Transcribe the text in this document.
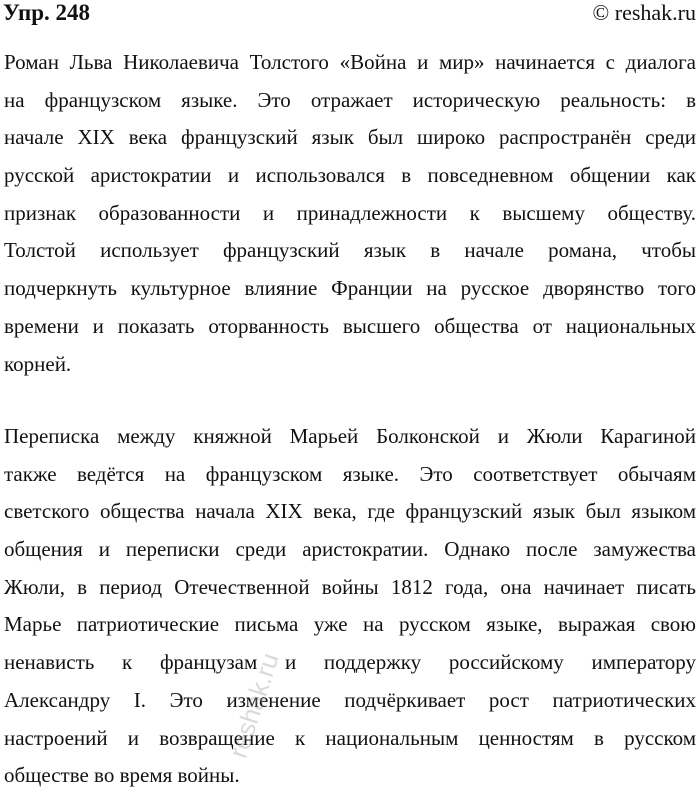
Упр. 248	© reshak.ru
Роман Льва Николаевича Толстого «Война и мир» начинается с диалога
на французском языке. Это отражает историческую реальность: в
начале XIX века французский язык был широко распространён среди
русской аристократии и использовался в повседневном общении как
признак образованности и принадлежности к высшему обществу.
Толстой использует французский язык в начале романа, чтобы
подчеркнуть культурное влияние Франции на русское дворянство того
времени и показать оторванность высшего общества от национальных
корней.
Переписка между княжной Марьей Болконской и Жюли Карагиной
также ведётся на французском языке. Это соответствует обычаям
светского общества начала XIX века, где французский язык был языком
общения и переписки среди аристократии. Однако после замужества
Жюли, в период Отечественной войны 1812 года, она начинает писать
Марье патриотические письма уже на русском языке, выражая свою
ненависть к французам и поддержку российскому императору
Александру I. Это изменение подчёркивает рост патриотических
настроений и возвращение к национальным ценностям в русском
обществе во время войны.
reshak.ru
